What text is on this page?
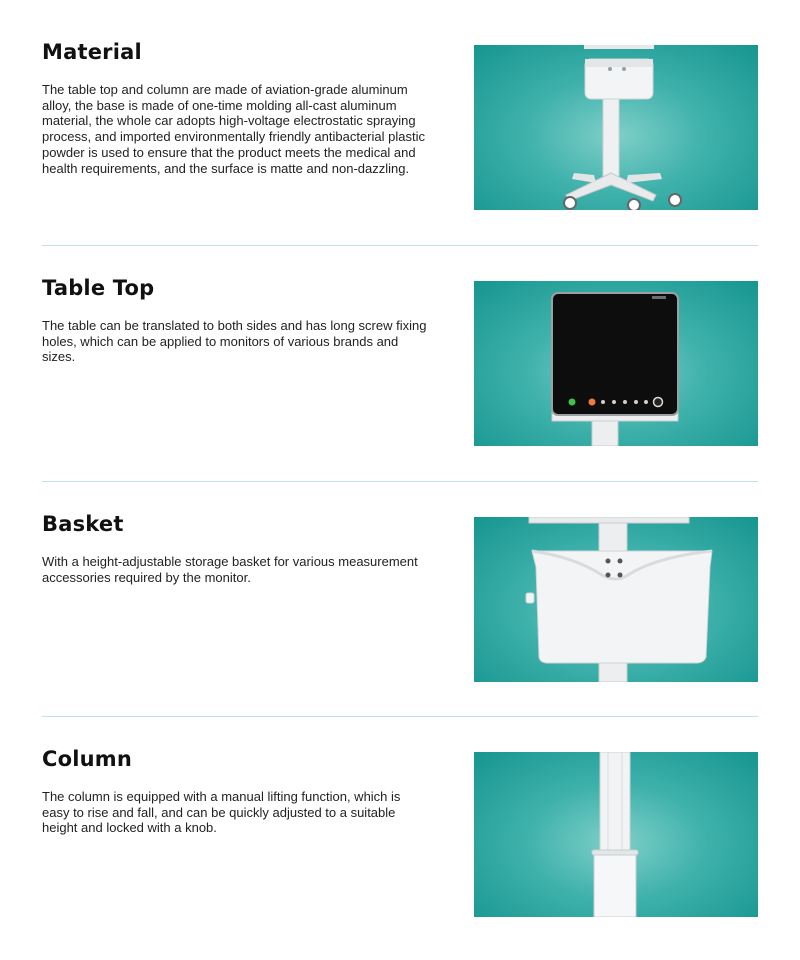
Material

The table top and column are made of aviation-grade aluminum alloy, the base is made of one-time molding all-cast aluminum material, the whole car adopts high-voltage electrostatic spraying process, and imported environmentally friendly antibacterial plastic powder is used to ensure that the product meets the medical and health requirements, and the surface is matte and non-dazzling.

Table Top

The table can be translated to both sides and has long screw fixing holes, which can be applied to monitors of various brands and sizes.

Basket

With a height-adjustable storage basket for various measurement accessories required by the monitor.

Column

The column is equipped with a manual lifting function, which is easy to rise and fall, and can be quickly adjusted to a suitable height and locked with a knob.
